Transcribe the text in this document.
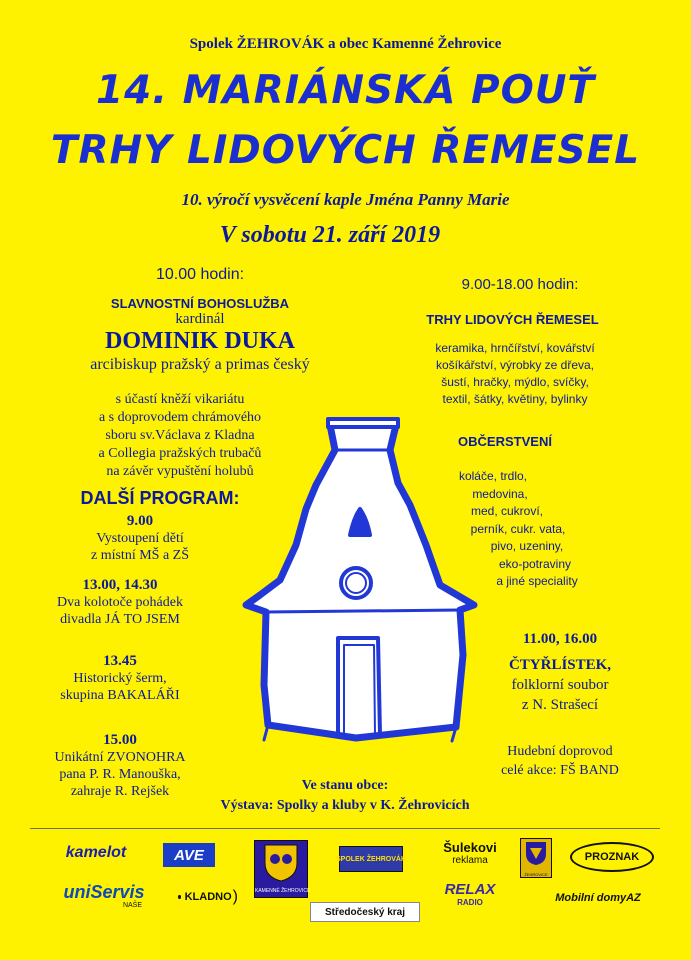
Spolek ŽEHROVÁK a obec Kamenné Žehrovice
14. MARIÁNSKÁ POUŤ
TRHY LIDOVÝCH ŘEMESEL
10. výročí vysvěcení kaple Jména Panny Marie
V sobotu 21. září 2019
10.00 hodin:
SLAVNOSTNÍ BOHOSLUŽBA
kardinál
DOMINIK DUKA
arcibiskup pražský a primas český
s účastí kněží vikariátu
a s doprovodem chrámového
sboru sv.Václava z Kladna
a Collegia pražských trubačů
na závěr vypuštění holubů
DALŠÍ PROGRAM:
9.00
Vystoupení dětí
z místní MŠ a ZŠ
13.00, 14.30
Dva kolotoče pohádek
divadla JÁ TO JSEM
13.45
Historický šerm,
skupina BAKALÁŘI
15.00
Unikátní ZVONOHRA
pana P. R. Manouška,
zahraje R. Rejšek
9.00-18.00 hodin:
TRHY LIDOVÝCH ŘEMESEL
keramika, hrnčířství, kovářství
košíkářství, výrobky ze dřeva,
šustí, hračky, mýdlo, svíčky,
textil, šátky, květiny, bylinky
OBČERSTVENÍ
koláče, trdlo,
medovina,
med, cukroví,
perník, cukr. vata,
pivo, uzeniny,
eko-potraviny
a jiné speciality
11.00, 16.00
ČTYŘLÍSTEK,
folklorní soubor
z N. Strašecí
Hudební doprovod
celé akce: FŠ BAND
Ve stanu obce:
Výstava: Spolky a kluby v K. Žehrovicích
kamelot	AVE
KAMENNÉ ŽEHROVICE
SPOLEK ŽEHROVÁK
Šulekovi
reklama
ŽEHROVICE
PROZNAK
uniServis
NAŠE
KLADNO )
Středočeský kraj
RELAX
RADIO	Mobilní domyAZ
